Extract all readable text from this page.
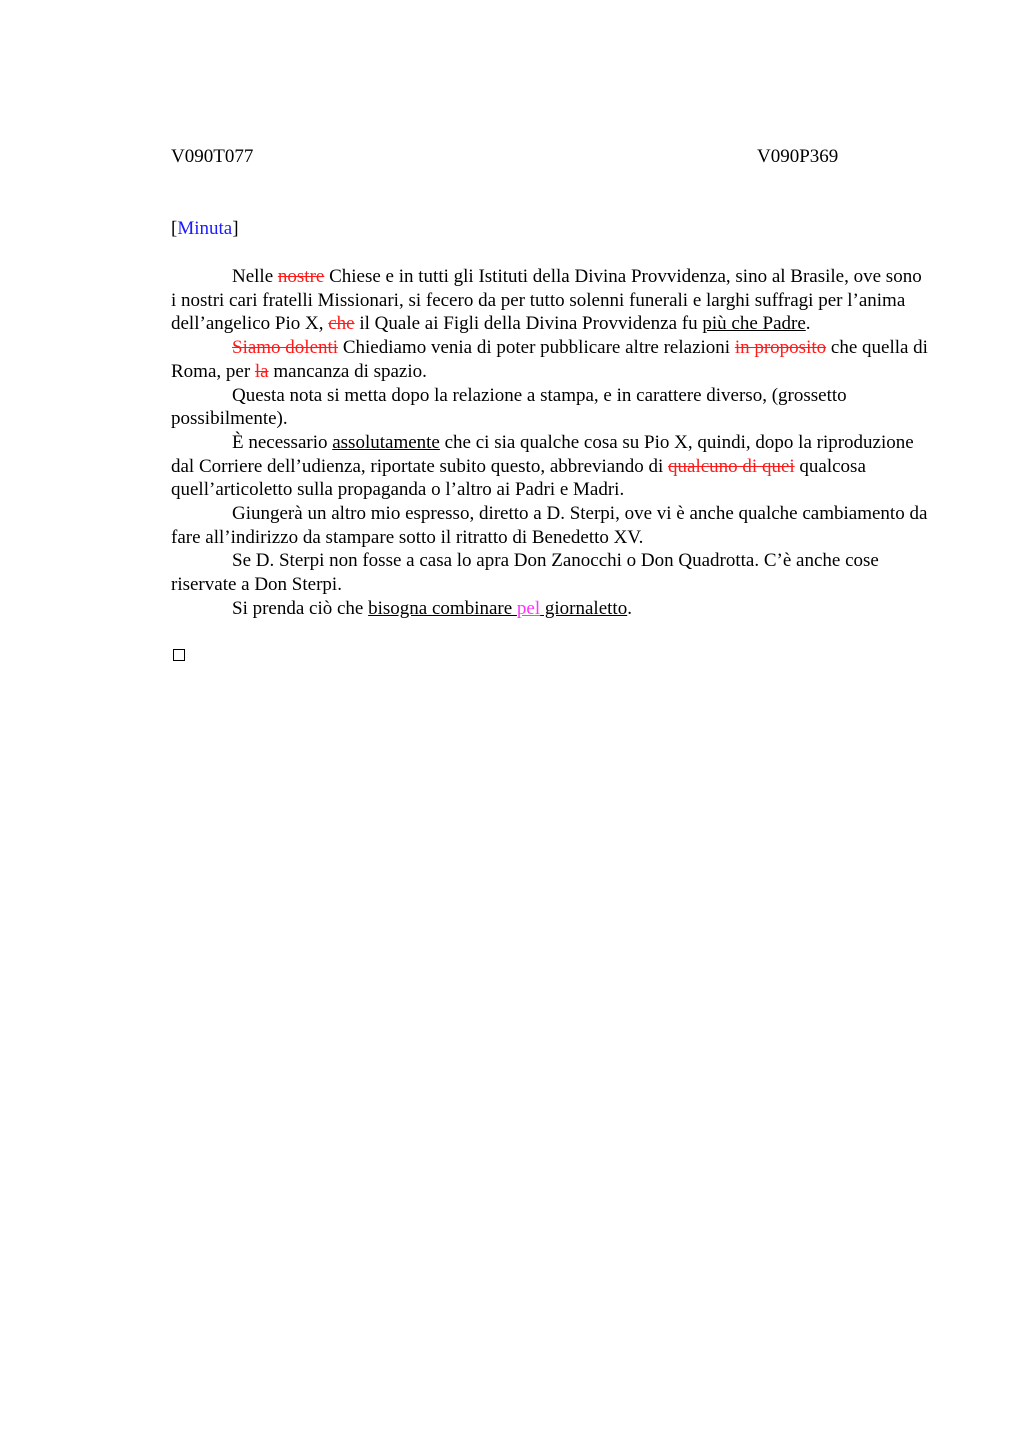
V090T077	V090P369
[Minuta]

Nelle nostre Chiese e in tutti gli Istituti della Divina Provvidenza, sino al Brasile, ove sono i nostri cari fratelli Missionari, si fecero da per tutto solenni funerali e larghi suffragi per l’anima dell’angelico Pio X, che il Quale ai Figli della Divina Provvidenza fu più che Padre.

Siamo dolenti Chiediamo venia di poter pubblicare altre relazioni in proposito che quella di Roma, per la mancanza di spazio.

Questa nota si metta dopo la relazione a stampa, e in carattere diverso, (grossetto possibilmente).

È necessario assolutamente che ci sia qualche cosa su Pio X, quindi, dopo la riproduzione dal Corriere dell’udienza, riportate subito questo, abbreviando di qualcuno di quei qualcosa quell’articoletto sulla propaganda o l’altro ai Padri e Madri.

Giungerà un altro mio espresso, diretto a D. Sterpi, ove vi è anche qualche cambiamento da fare all’indirizzo da stampare sotto il ritratto di Benedetto XV.

Se D. Sterpi non fosse a casa lo apra Don Zanocchi o Don Quadrotta. C’è anche cose riservate a Don Sterpi.

Si prenda ciò che bisogna combinare pel giornaletto.
